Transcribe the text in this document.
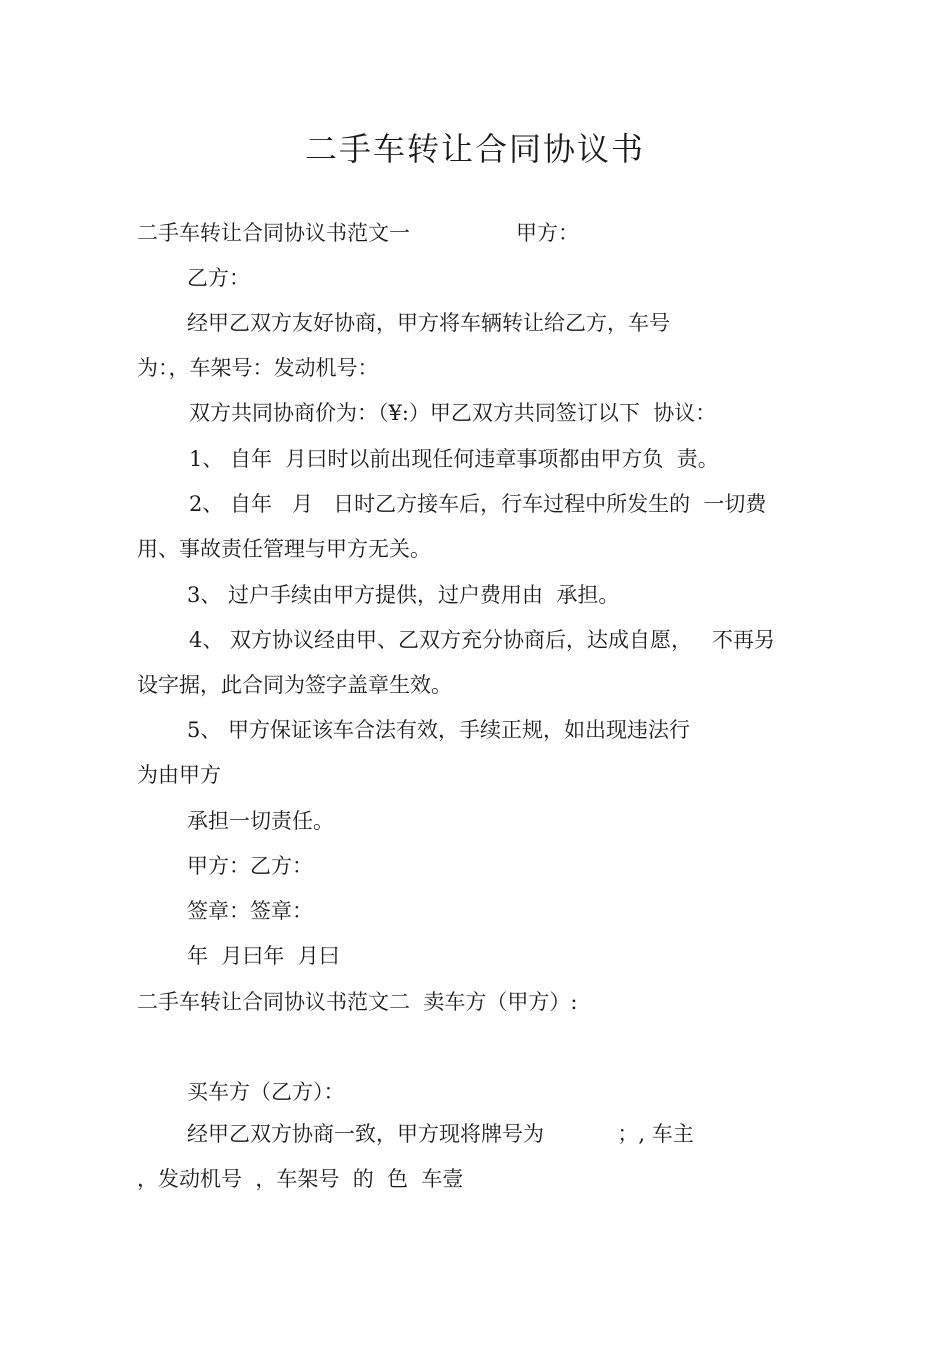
二手车转让合同协议书
二手车转让合同协议书范文一	甲方：
乙方：
经甲乙双方友好协商，甲方将车辆转让给乙方，车号
为：，车架号：发动机号：
双方共同协商价为：（¥:）甲乙双方共同签订以下  协议：
1、 自年  月曰时以前出现任何违章事项都由甲方负  责。
2、 自年   月   日时乙方接车后，行车过程中所发生的  一切费
用、事故责任管理与甲方无关。
3、 过户手续由甲方提供，过户费用由  承担。
4、 双方协议经由甲、乙双方充分协商后，达成自愿，   不再另
设字据，此合同为签字盖章生效。
5、 甲方保证该车合法有效，手续正规，如出现违法行
为由甲方
承担一切责任。
甲方：乙方：
签章：签章：
年  月曰年  月曰
二手车转让合同协议书范文二  卖车方（甲方）:
买车方（乙方）：
经甲乙双方协商一致，甲方现将牌号为           ；, 车主
，发动机号  ，车架号  的  色  车壹
